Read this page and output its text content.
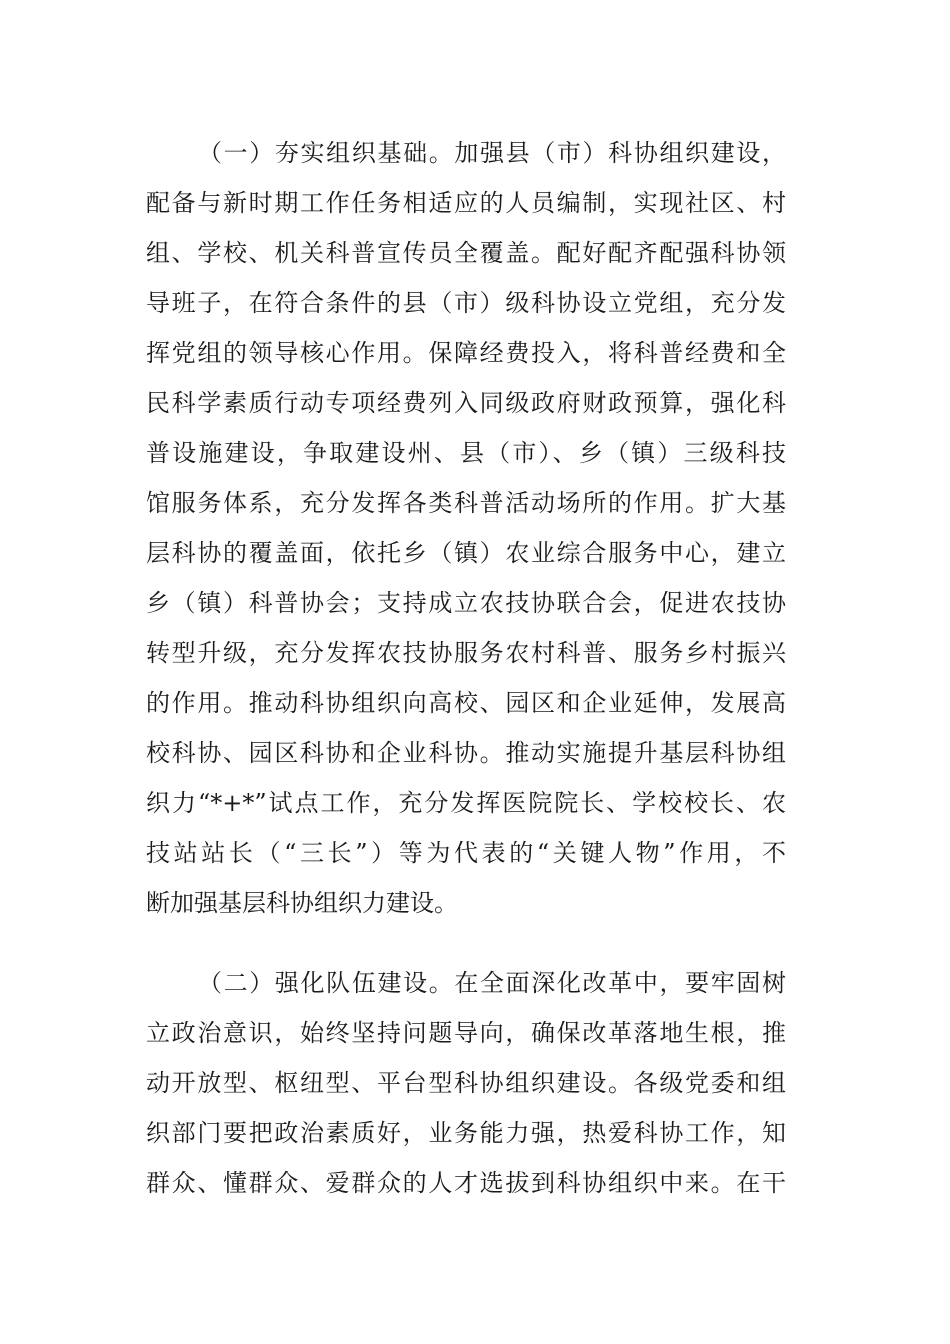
（一）夯实组织基础。加强县（市）科协组织建设，
配备与新时期工作任务相适应的人员编制，实现社区、村
组、学校、机关科普宣传员全覆盖。配好配齐配强科协领
导班子，在符合条件的县（市）级科协设立党组，充分发
挥党组的领导核心作用。保障经费投入，将科普经费和全
民科学素质行动专项经费列入同级政府财政预算，强化科
普设施建设，争取建设州、县（市）、乡（镇）三级科技
馆服务体系，充分发挥各类科普活动场所的作用。扩大基
层科协的覆盖面，依托乡（镇）农业综合服务中心，建立
乡（镇）科普协会；支持成立农技协联合会，促进农技协
转型升级，充分发挥农技协服务农村科普、服务乡村振兴
的作用。推动科协组织向高校、园区和企业延伸，发展高
校科协、园区科协和企业科协。推动实施提升基层科协组
织力“*+*”试点工作，充分发挥医院院长、学校校长、农
技站站长（“三长”）等为代表的“关键人物”作用，不
断加强基层科协组织力建设。
（二）强化队伍建设。在全面深化改革中，要牢固树
立政治意识，始终坚持问题导向，确保改革落地生根，推
动开放型、枢纽型、平台型科协组织建设。各级党委和组
织部门要把政治素质好，业务能力强，热爱科协工作，知
群众、懂群众、爱群众的人才选拔到科协组织中来。在干
